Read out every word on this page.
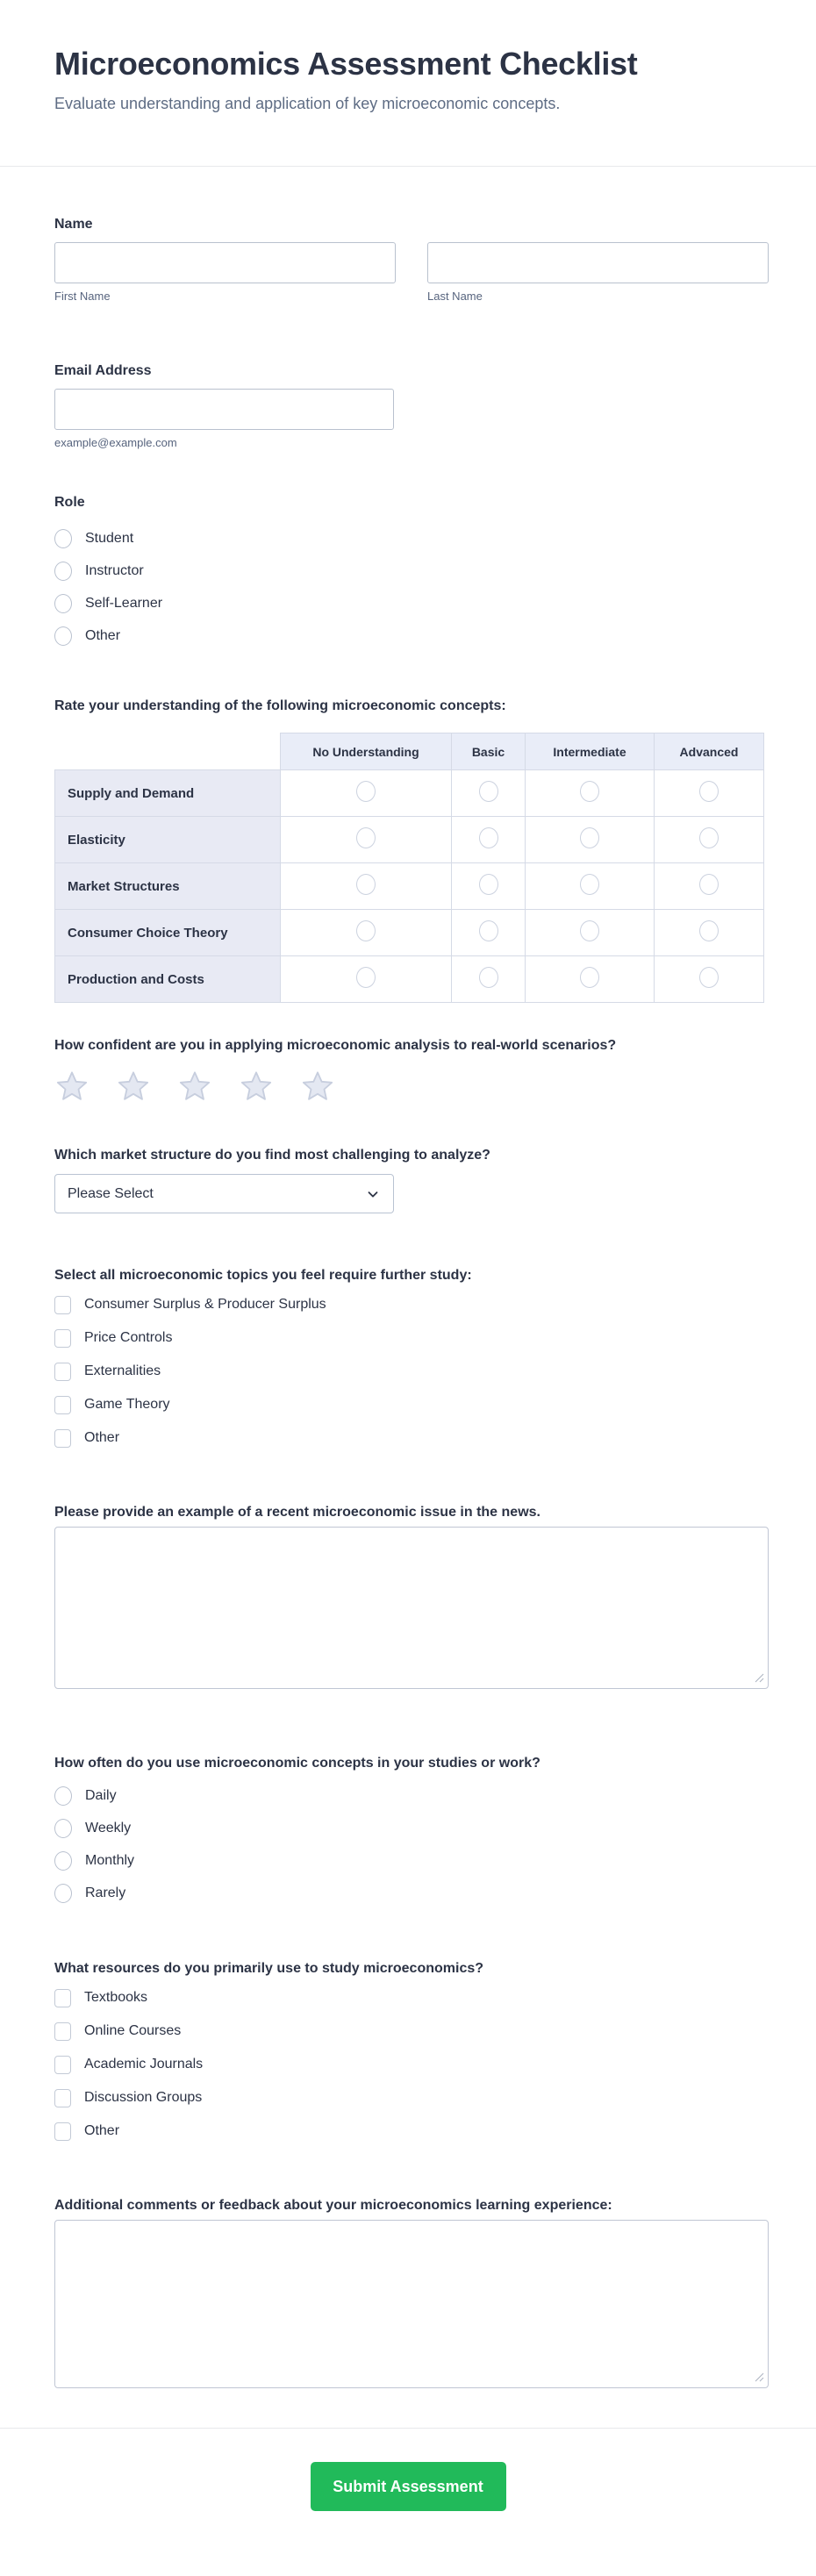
Microeconomics Assessment Checklist
Evaluate understanding and application of key microeconomic concepts.
Name
First Name	Last Name
Email Address
example@example.com
Role
Student
Instructor
Self-Learner
Other
Rate your understanding of the following microeconomic concepts:
	No Understanding	Basic	Intermediate	Advanced
Supply and Demand				
Elasticity				
Market Structures				
Consumer Choice Theory				
Production and Costs				
How confident are you in applying microeconomic analysis to real-world scenarios?
Which market structure do you find most challenging to analyze?
Please Select
Select all microeconomic topics you feel require further study:
Consumer Surplus & Producer Surplus
Price Controls
Externalities
Game Theory
Other
Please provide an example of a recent microeconomic issue in the news.
How often do you use microeconomic concepts in your studies or work?
Daily
Weekly
Monthly
Rarely
What resources do you primarily use to study microeconomics?
Textbooks
Online Courses
Academic Journals
Discussion Groups
Other
Additional comments or feedback about your microeconomics learning experience:
Submit Assessment
